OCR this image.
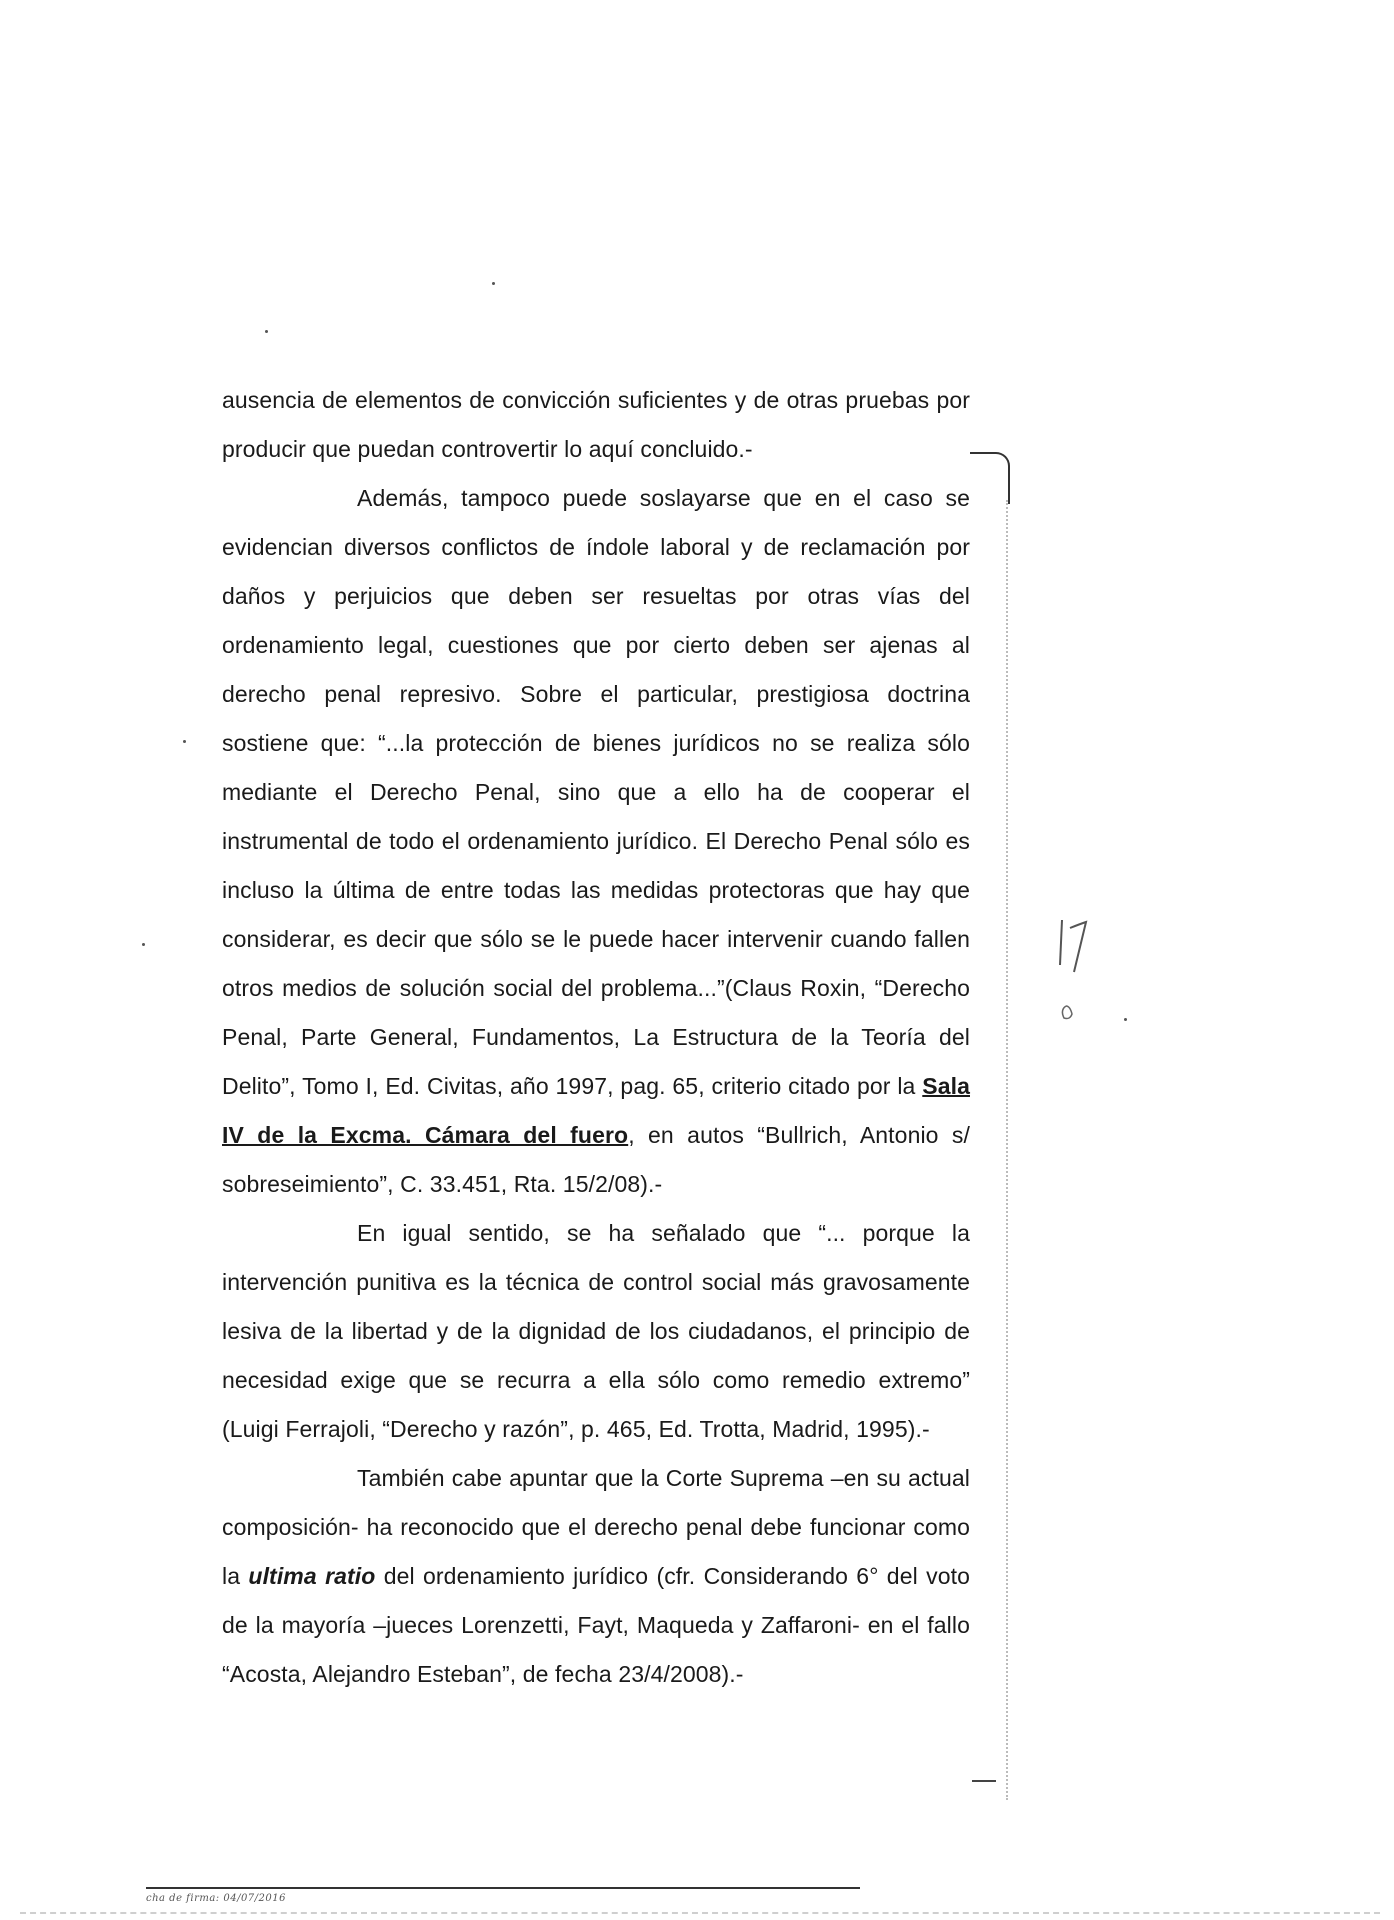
ausencia de elementos de convicción suficientes y de otras pruebas por producir que puedan controvertir lo aquí concluido.-

Además, tampoco puede soslayarse que en el caso se evidencian diversos conflictos de índole laboral y de reclamación por daños y perjuicios que deben ser resueltas por otras vías del ordenamiento legal, cuestiones que por cierto deben ser ajenas al derecho penal represivo. Sobre el particular, prestigiosa doctrina sostiene que: “...la protección de bienes jurídicos no se realiza sólo mediante el Derecho Penal, sino que a ello ha de cooperar el instrumental de todo el ordenamiento jurídico. El Derecho Penal sólo es incluso la última de entre todas las medidas protectoras que hay que considerar, es decir que sólo se le puede hacer intervenir cuando fallen otros medios de solución social del problema...”(Claus Roxin, “Derecho Penal, Parte General, Fundamentos, La Estructura de la Teoría del Delito”, Tomo I, Ed. Civitas, año 1997, pag. 65, criterio citado por la Sala IV de la Excma. Cámara del fuero, en autos “Bullrich, Antonio s/ sobreseimiento”, C. 33.451, Rta. 15/2/08).-

En igual sentido, se ha señalado que “... porque la intervención punitiva es la técnica de control social más gravosamente lesiva de la libertad y de la dignidad de los ciudadanos, el principio de necesidad exige que se recurra a ella sólo como remedio extremo” (Luigi Ferrajoli, “Derecho y razón”, p. 465, Ed. Trotta, Madrid, 1995).-

También cabe apuntar que la Corte Suprema –en su actual composición- ha reconocido que el derecho penal debe funcionar como la ultima ratio del ordenamiento jurídico (cfr. Considerando 6° del voto de la mayoría –jueces Lorenzetti, Fayt, Maqueda y Zaffaroni- en el fallo “Acosta, Alejandro Esteban”, de fecha 23/4/2008).-

cha de firma: 04/07/2016
